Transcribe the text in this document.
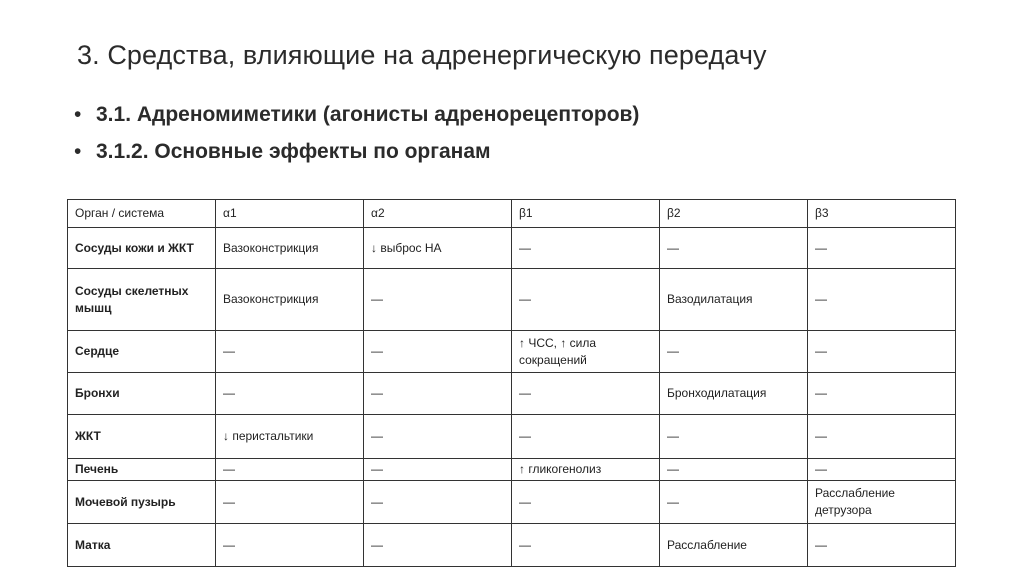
3. Средства, влияющие на адренергическую передачу
• 3.1. Адреномиметики (агонисты адренорецепторов)
• 3.1.2. Основные эффекты по органам
Орган / система	α1	α2	β1	β2	β3
Сосуды кожи и ЖКТ	Вазоконстрикция	↓ выброс НА	—	—	—
Сосуды скелетных мышц	Вазоконстрикция	—	—	Вазодилатация	—
Сердце	—	—	↑ ЧСС, ↑ сила сокращений	—	—
Бронхи	—	—	—	Бронходилатация	—
ЖКТ	↓ перистальтики	—	—	—	—
Печень	—	—	↑ гликогенолиз	—	—
Мочевой пузырь	—	—	—	—	Расслабление детрузора
Матка	—	—	—	Расслабление	—
